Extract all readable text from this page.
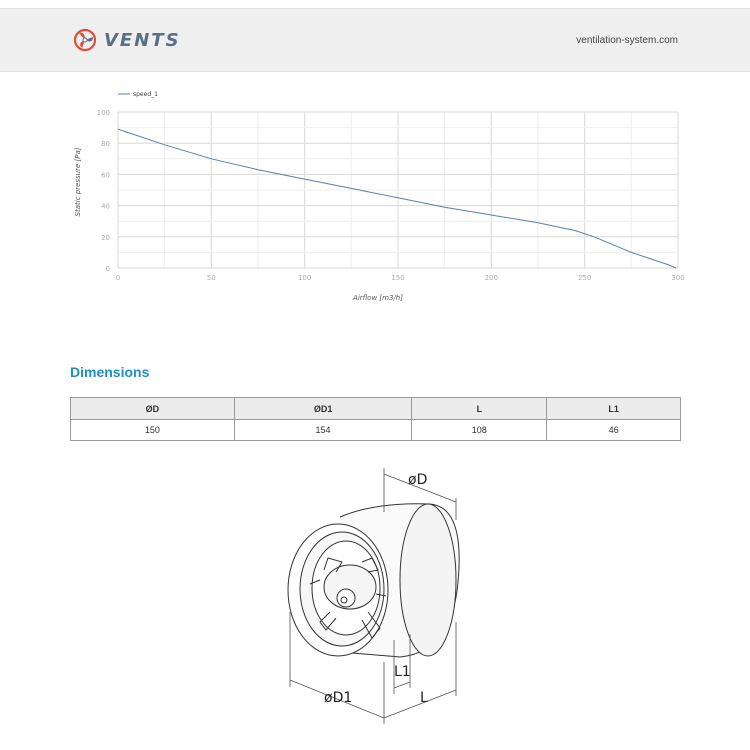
VENTS	ventilation-system.com
0	50	100	150	200	250	300
0
20
40
60
80
100
Airflow [m3/h]
Static pressure [Pa]
speed_1
Dimensions
ØD	ØD1	L	L1
150	154	108	46
øD
øD1	L
L1
